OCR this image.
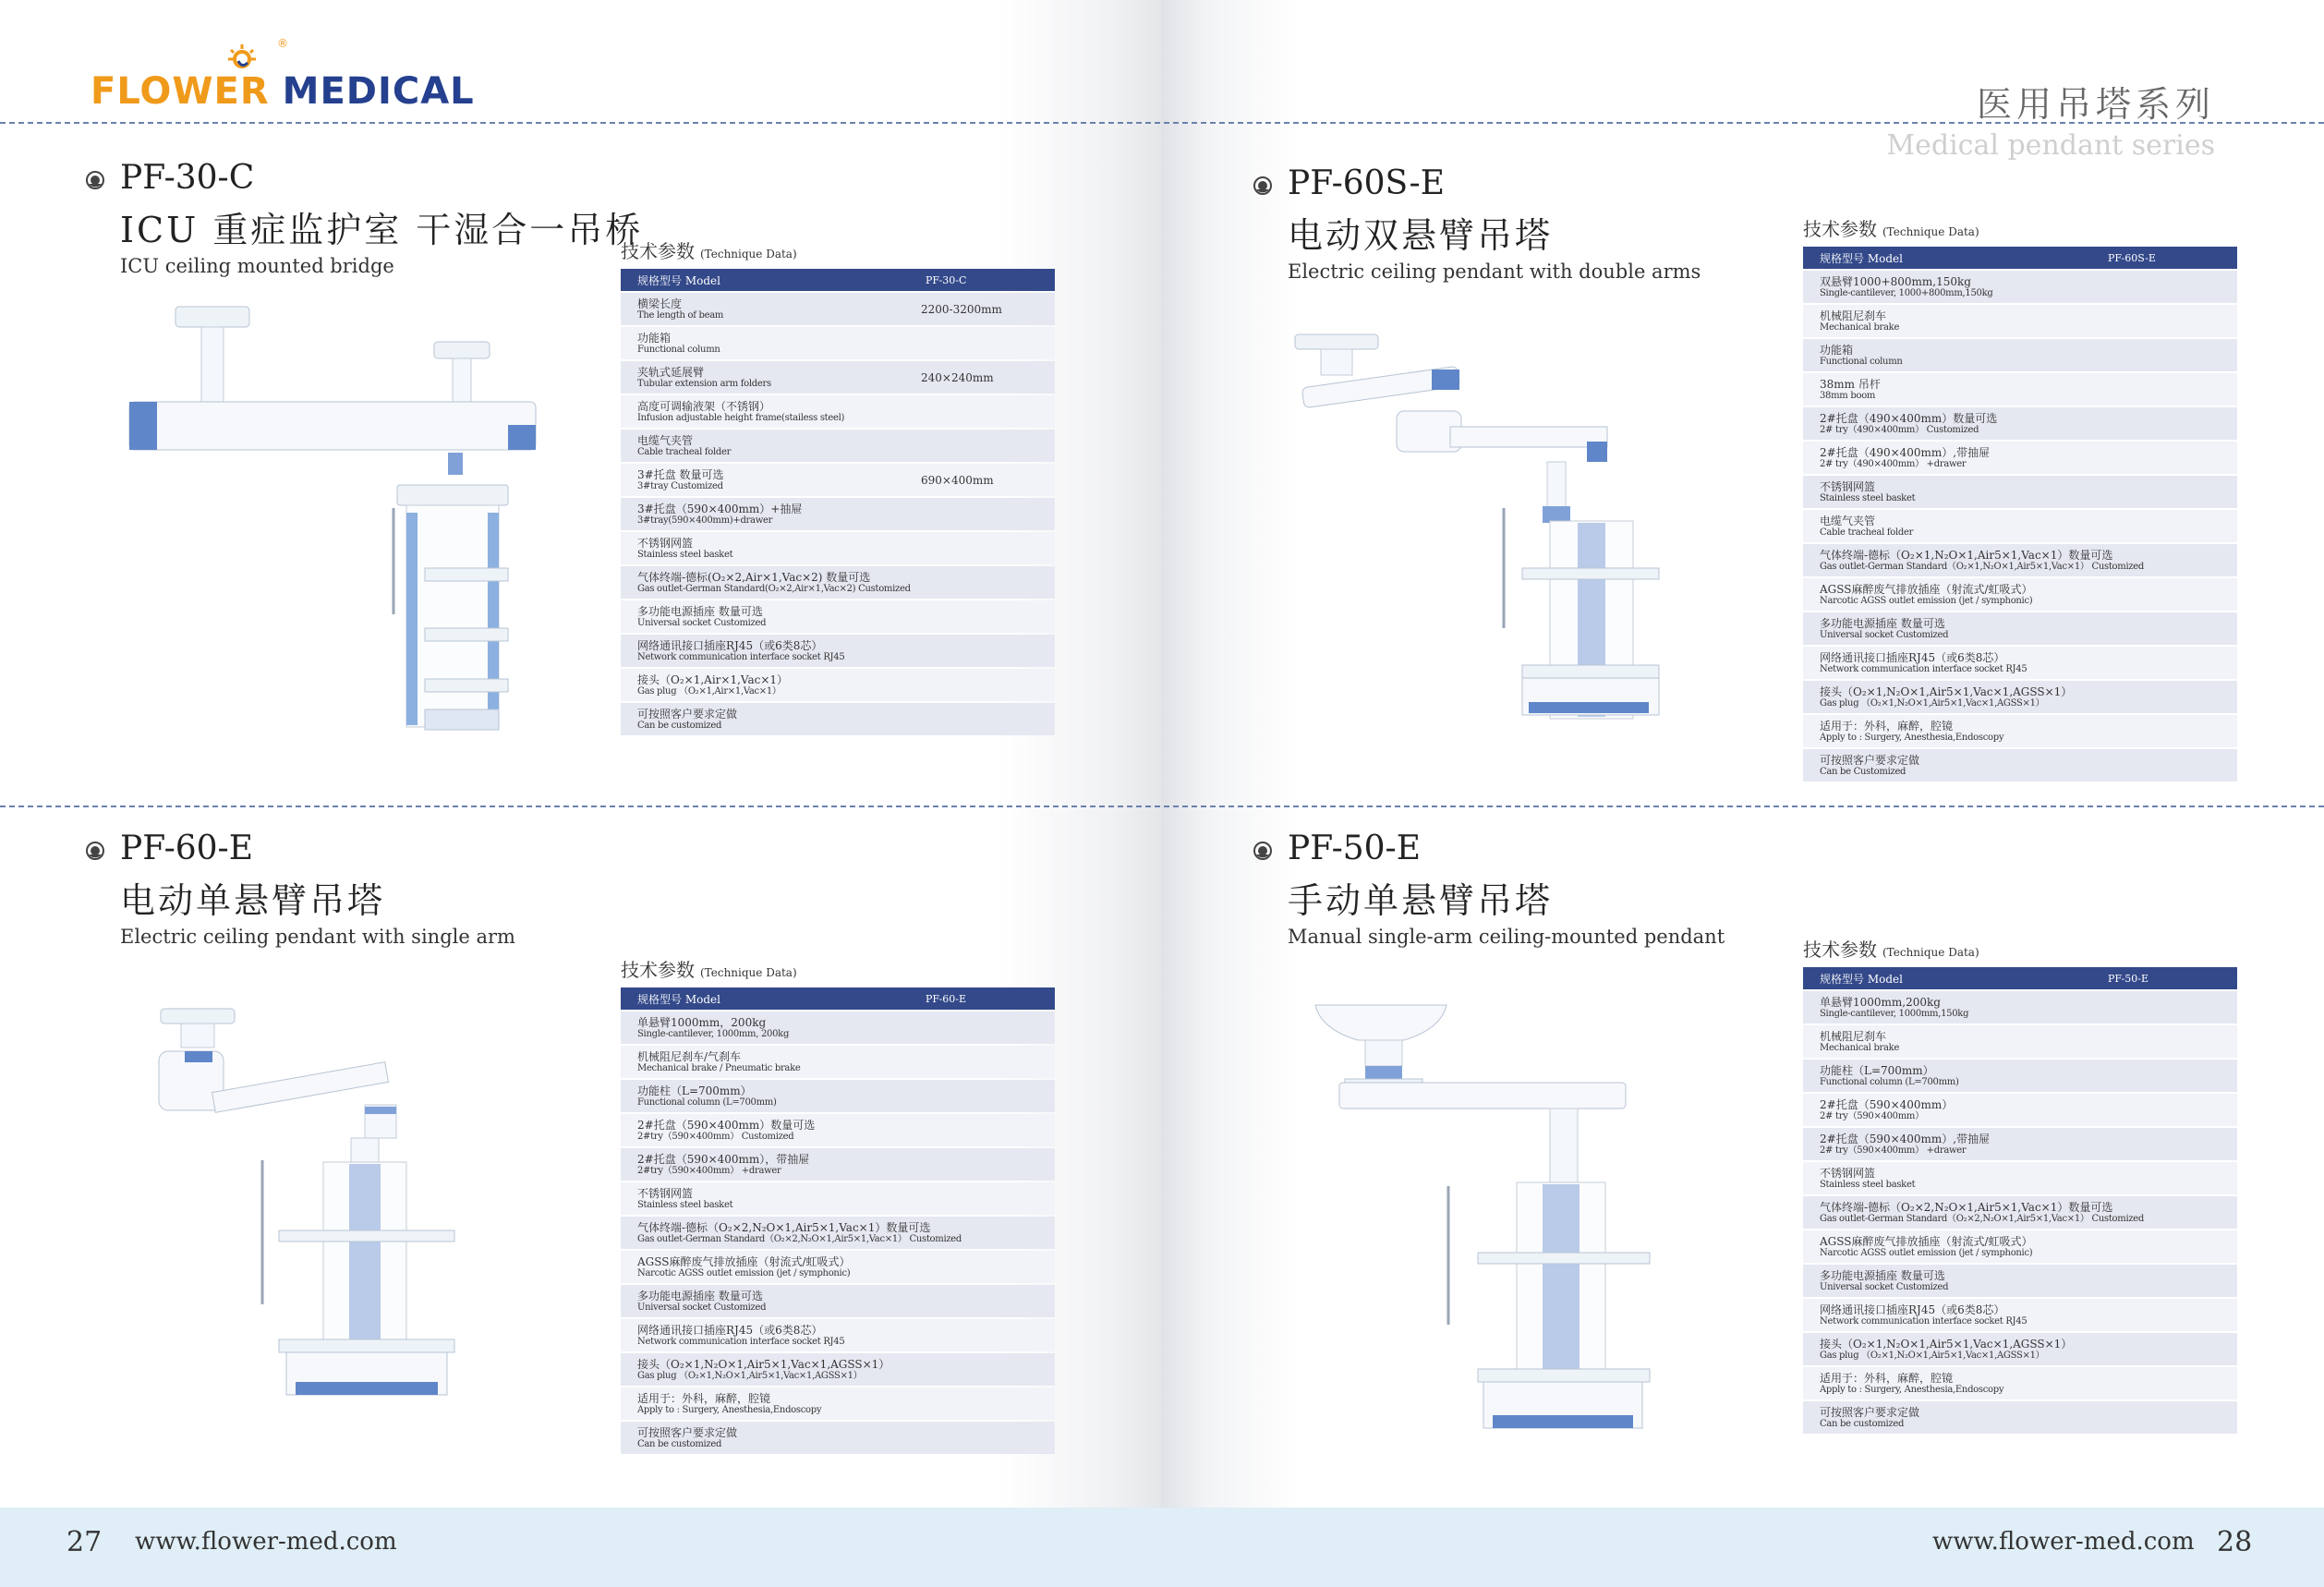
FLOWER MEDICAL
®
医用吊塔系列
Medical pendant series
PF-30-C
ICU 重症监护室 干湿合一吊桥
ICU ceiling mounted bridge
技术参数 (Technique Data)
规格型号 Model	PF-30-C
横梁长度
The length of beam	2200-3200mm
功能箱
Functional column
夹轨式延展臂
Tubular extension arm folders	240×240mm
高度可调输液架（不锈钢）
Infusion adjustable height frame(stailess steel)
电缆气夹管
Cable tracheal folder
3#托盘 数量可选
3#tray Customized	690×400mm
3#托盘（590×400mm）+抽屉
3#tray(590×400mm)+drawer
不锈钢网篮
Stainless steel basket
气体终端-德标(O₂×2,Air×1,Vac×2) 数量可选
Gas outlet-German Standard(O₂×2,Air×1,Vac×2) Customized
多功能电源插座 数量可选
Universal socket Customized
网络通讯接口插座RJ45（或6类8芯）
Network communication interface socket RJ45
接头（O₂×1,Air×1,Vac×1）
Gas plug （O₂×1,Air×1,Vac×1）
可按照客户要求定做
Can be customized
PF-60S-E
电动双悬臂吊塔
Electric ceiling pendant with double arms
技术参数 (Technique Data)
规格型号 Model	PF-60S-E
双悬臂1000+800mm,150kg
Single-cantilever, 1000+800mm,150kg
机械阻尼刹车
Mechanical brake
功能箱
Functional column
38mm 吊杆
38mm boom
2#托盘（490×400mm）数量可选
2# try（490×400mm） Customized
2#托盘（490×400mm）,带抽屉
2# try（490×400mm） +drawer
不锈钢网篮
Stainless steel basket
电缆气夹管
Cable tracheal folder
气体终端-德标（O₂×1,N₂O×1,Air5×1,Vac×1）数量可选
Gas outlet-German Standard（O₂×1,N₂O×1,Air5×1,Vac×1） Customized
AGSS麻醉废气排放插座（射流式/虹吸式）
Narcotic AGSS outlet emission (jet / symphonic)
多功能电源插座 数量可选
Universal socket Customized
网络通讯接口插座RJ45（或6类8芯）
Network communication interface socket RJ45
接头（O₂×1,N₂O×1,Air5×1,Vac×1,AGSS×1）
Gas plug （O₂×1,N₂O×1,Air5×1,Vac×1,AGSS×1）
适用于：外科，麻醉，腔镜
Apply to : Surgery, Anesthesia,Endoscopy
可按照客户要求定做
Can be Customized
PF-60-E
电动单悬臂吊塔
Electric ceiling pendant with single arm
技术参数 (Technique Data)
规格型号 Model	PF-60-E
单悬臂1000mm，200kg
Single-cantilever, 1000mm, 200kg
机械阻尼刹车/气刹车
Mechanical brake / Pneumatic brake
功能柱（L=700mm）
Functional column (L=700mm)
2#托盘（590×400mm）数量可选
2#try（590×400mm） Customized
2#托盘（590×400mm），带抽屉
2#try（590×400mm） +drawer
不锈钢网篮
Stainless steel basket
气体终端-德标（O₂×2,N₂O×1,Air5×1,Vac×1）数量可选
Gas outlet-German Standard（O₂×2,N₂O×1,Air5×1,Vac×1） Customized
AGSS麻醉废气排放插座（射流式/虹吸式）
Narcotic AGSS outlet emission (jet / symphonic)
多功能电源插座 数量可选
Universal socket Customized
网络通讯接口插座RJ45（或6类8芯）
Network communication interface socket RJ45
接头（O₂×1,N₂O×1,Air5×1,Vac×1,AGSS×1）
Gas plug （O₂×1,N₂O×1,Air5×1,Vac×1,AGSS×1）
适用于：外科，麻醉，腔镜
Apply to : Surgery, Anesthesia,Endoscopy
可按照客户要求定做
Can be customized
PF-50-E
手动单悬臂吊塔
Manual single-arm ceiling-mounted pendant
技术参数 (Technique Data)
规格型号 Model	PF-50-E
单悬臂1000mm,200kg
Single-cantilever, 1000mm,150kg
机械阻尼刹车
Mechanical brake
功能柱（L=700mm）
Functional column (L=700mm)
2#托盘（590×400mm）
2# try（590×400mm）
2#托盘（590×400mm）,带抽屉
2# try（590×400mm） +drawer
不锈钢网篮
Stainless steel basket
气体终端-德标（O₂×2,N₂O×1,Air5×1,Vac×1）数量可选
Gas outlet-German Standard（O₂×2,N₂O×1,Air5×1,Vac×1） Customized
AGSS麻醉废气排放插座（射流式/虹吸式）
Narcotic AGSS outlet emission (jet / symphonic)
多功能电源插座 数量可选
Universal socket Customized
网络通讯接口插座RJ45（或6类8芯）
Network communication interface socket RJ45
接头（O₂×1,N₂O×1,Air5×1,Vac×1,AGSS×1）
Gas plug （O₂×1,N₂O×1,Air5×1,Vac×1,AGSS×1）
适用于：外科，麻醉，腔镜
Apply to : Surgery, Anesthesia,Endoscopy
可按照客户要求定做
Can be customized
27 www.flower-med.com	www.flower-med.com 28
